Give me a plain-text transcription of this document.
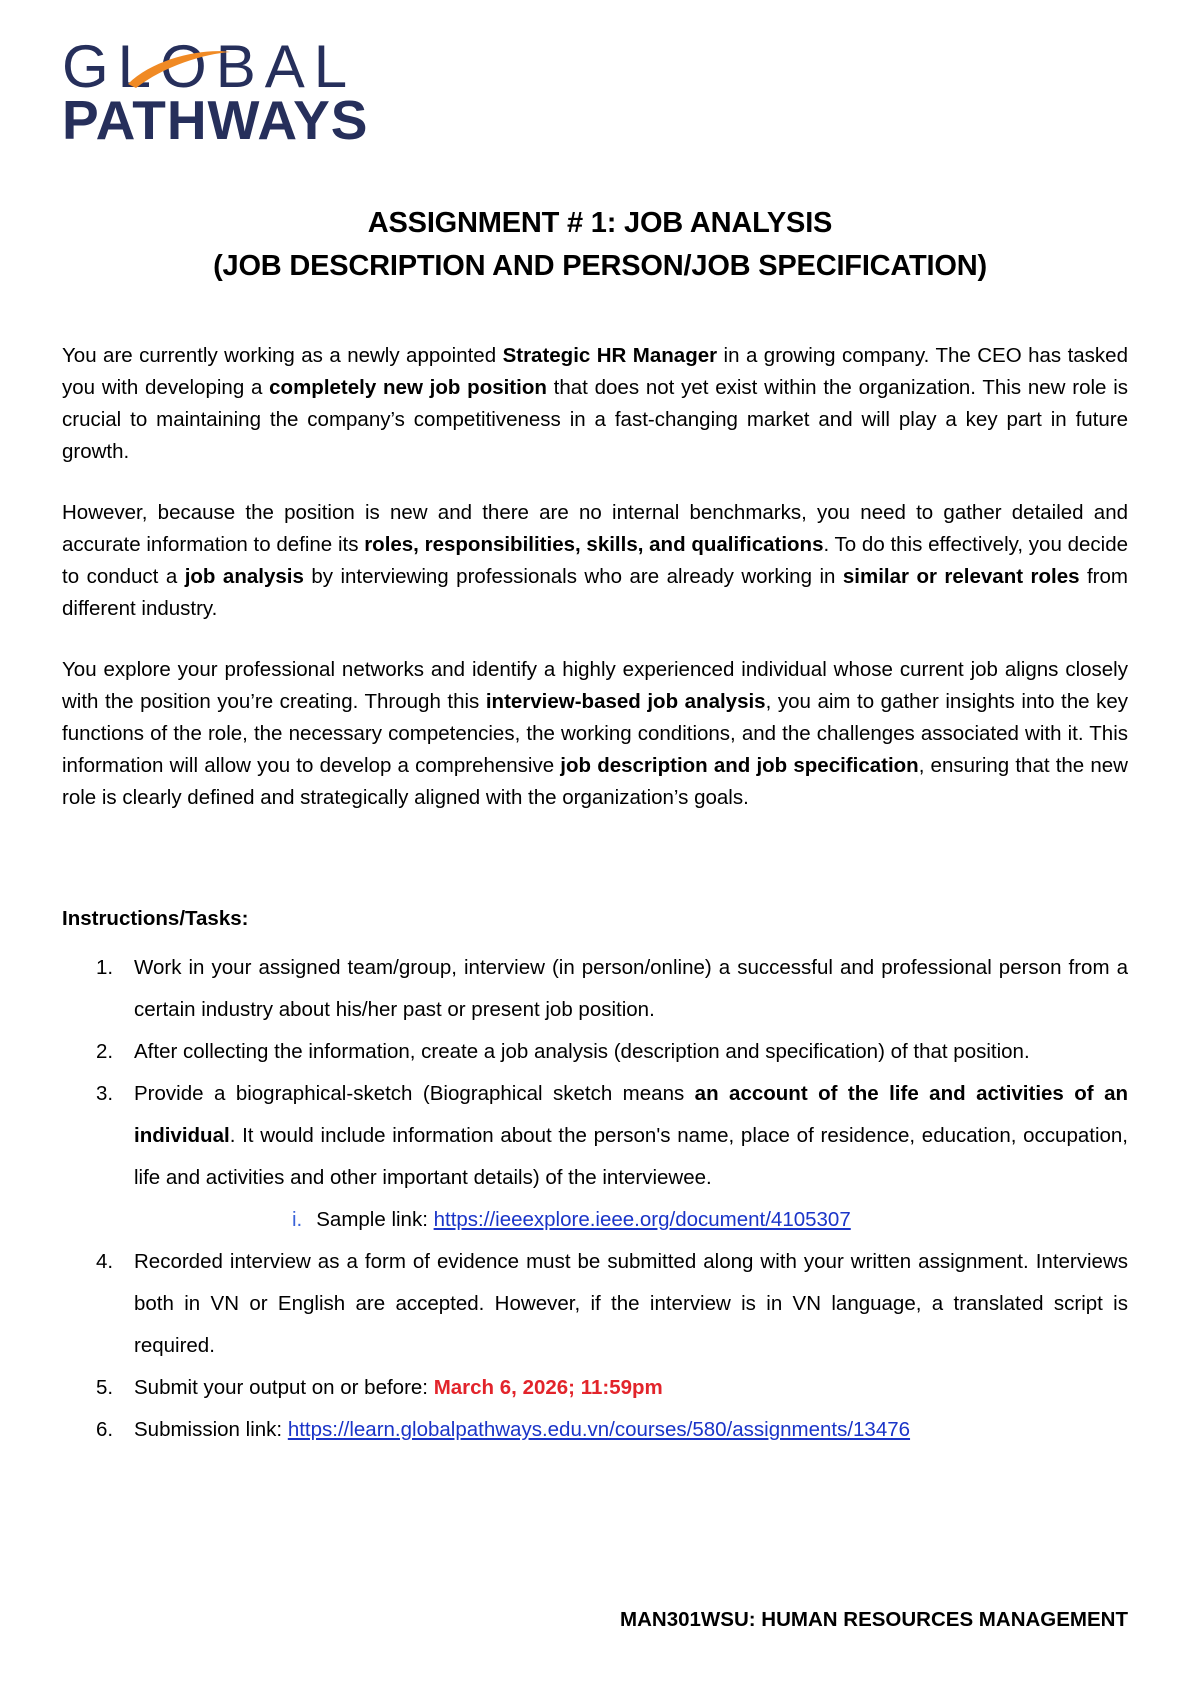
GLOBAL
PATHWAYS
ASSIGNMENT # 1: JOB ANALYSIS
(JOB DESCRIPTION AND PERSON/JOB SPECIFICATION)
You are currently working as a newly appointed Strategic HR Manager in a growing company. The CEO has tasked you with developing a completely new job position that does not yet exist within the organization. This new role is crucial to maintaining the company’s competitiveness in a fast-changing market and will play a key part in future growth.
However, because the position is new and there are no internal benchmarks, you need to gather detailed and accurate information to define its roles, responsibilities, skills, and qualifications. To do this effectively, you decide to conduct a job analysis by interviewing professionals who are already working in similar or relevant roles from different industry.
You explore your professional networks and identify a highly experienced individual whose current job aligns closely with the position you’re creating. Through this interview-based job analysis, you aim to gather insights into the key functions of the role, the necessary competencies, the working conditions, and the challenges associated with it. This information will allow you to develop a comprehensive job description and job specification, ensuring that the new role is clearly defined and strategically aligned with the organization’s goals.
Instructions/Tasks:
1. Work in your assigned team/group, interview (in person/online) a successful and professional person from a certain industry about his/her past or present job position.
2. After collecting the information, create a job analysis (description and specification) of that position.
3. Provide a biographical-sketch (Biographical sketch means an account of the life and activities of an individual. It would include information about the person's name, place of residence, education, occupation, life and activities and other important details) of the interviewee.
i. Sample link: https://ieeexplore.ieee.org/document/4105307
4. Recorded interview as a form of evidence must be submitted along with your written assignment. Interviews both in VN or English are accepted. However, if the interview is in VN language, a translated script is required.
5. Submit your output on or before: March 6, 2026; 11:59pm
6. Submission link: https://learn.globalpathways.edu.vn/courses/580/assignments/13476
MAN301WSU: HUMAN RESOURCES MANAGEMENT
